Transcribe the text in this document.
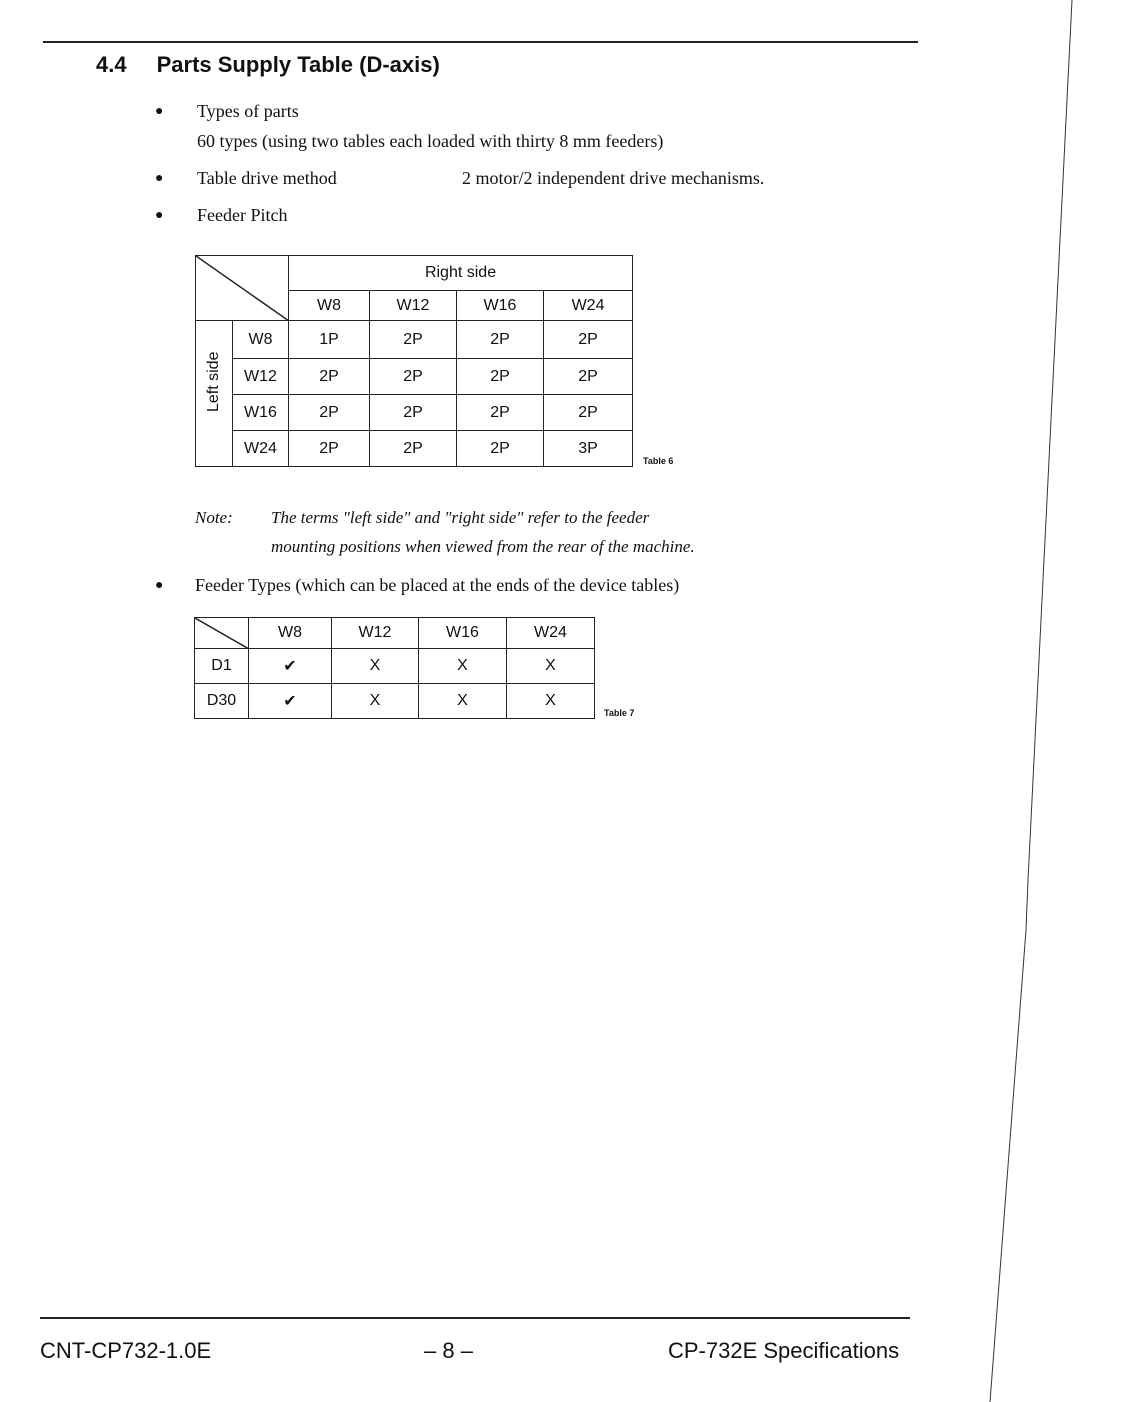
4.4 Parts Supply Table (D-axis)
● Types of parts
60 types (using two tables each loaded with thirty 8 mm feeders)
● Table drive method	2 motor/2 independent drive mechanisms.
● Feeder Pitch
	Right side			
		W8	W12	W16	W24

Left side	W8	1P	2P	2P	2P
	W12	2P	2P	2P	2P
	W16	2P	2P	2P	2P
	W24	2P	2P	2P	3P
Table 6
Note: The terms "left side" and "right side" refer to the feeder
mounting positions when viewed from the rear of the machine.
● Feeder Types (which can be placed at the ends of the device tables)
	W8	W12	W16	W24
D1	✔	X	X	X
D30	✔	X	X	X
Table 7
CNT-CP732-1.0E	– 8 –	CP-732E Specifications
